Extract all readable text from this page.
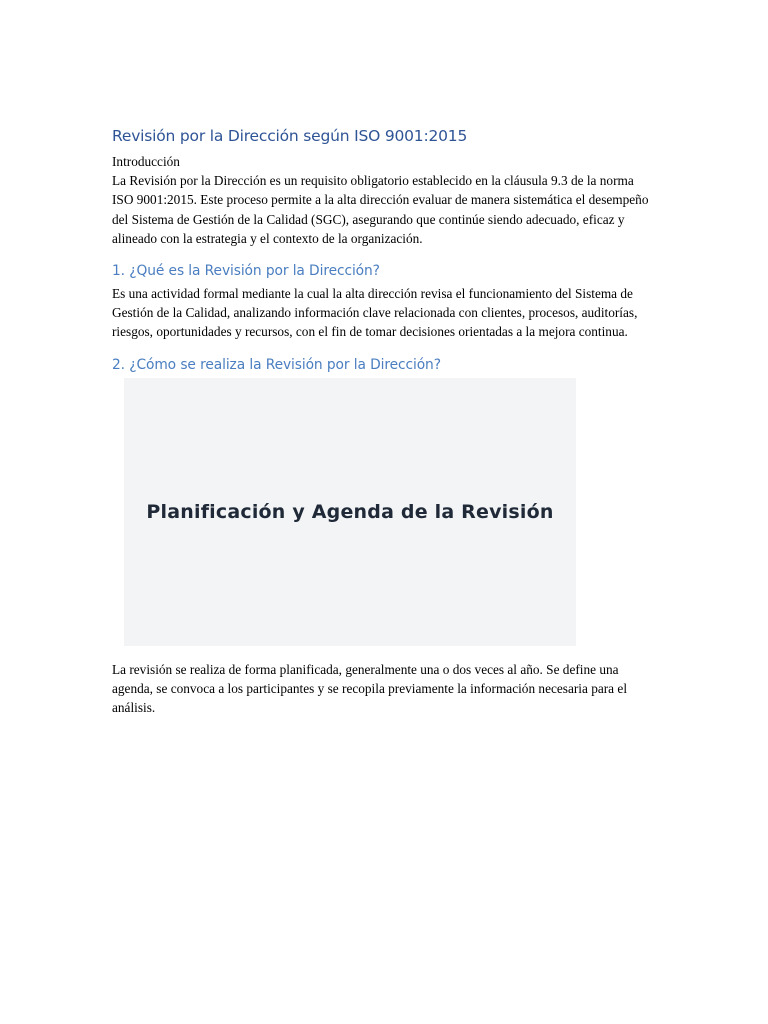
Revisión por la Dirección según ISO 9001:2015

Introducción

La Revisión por la Dirección es un requisito obligatorio establecido en la cláusula 9.3 de la norma ISO 9001:2015. Este proceso permite a la alta dirección evaluar de manera sistemática el desempeño del Sistema de Gestión de la Calidad (SGC), asegurando que continúe siendo adecuado, eficaz y alineado con la estrategia y el contexto de la organización.

1. ¿Qué es la Revisión por la Dirección?

Es una actividad formal mediante la cual la alta dirección revisa el funcionamiento del Sistema de Gestión de la Calidad, analizando información clave relacionada con clientes, procesos, auditorías, riesgos, oportunidades y recursos, con el fin de tomar decisiones orientadas a la mejora continua.

2. ¿Cómo se realiza la Revisión por la Dirección?
Planificación y Agenda de la Revisión

La revisión se realiza de forma planificada, generalmente una o dos veces al año. Se define una agenda, se convoca a los participantes y se recopila previamente la información necesaria para el análisis.
